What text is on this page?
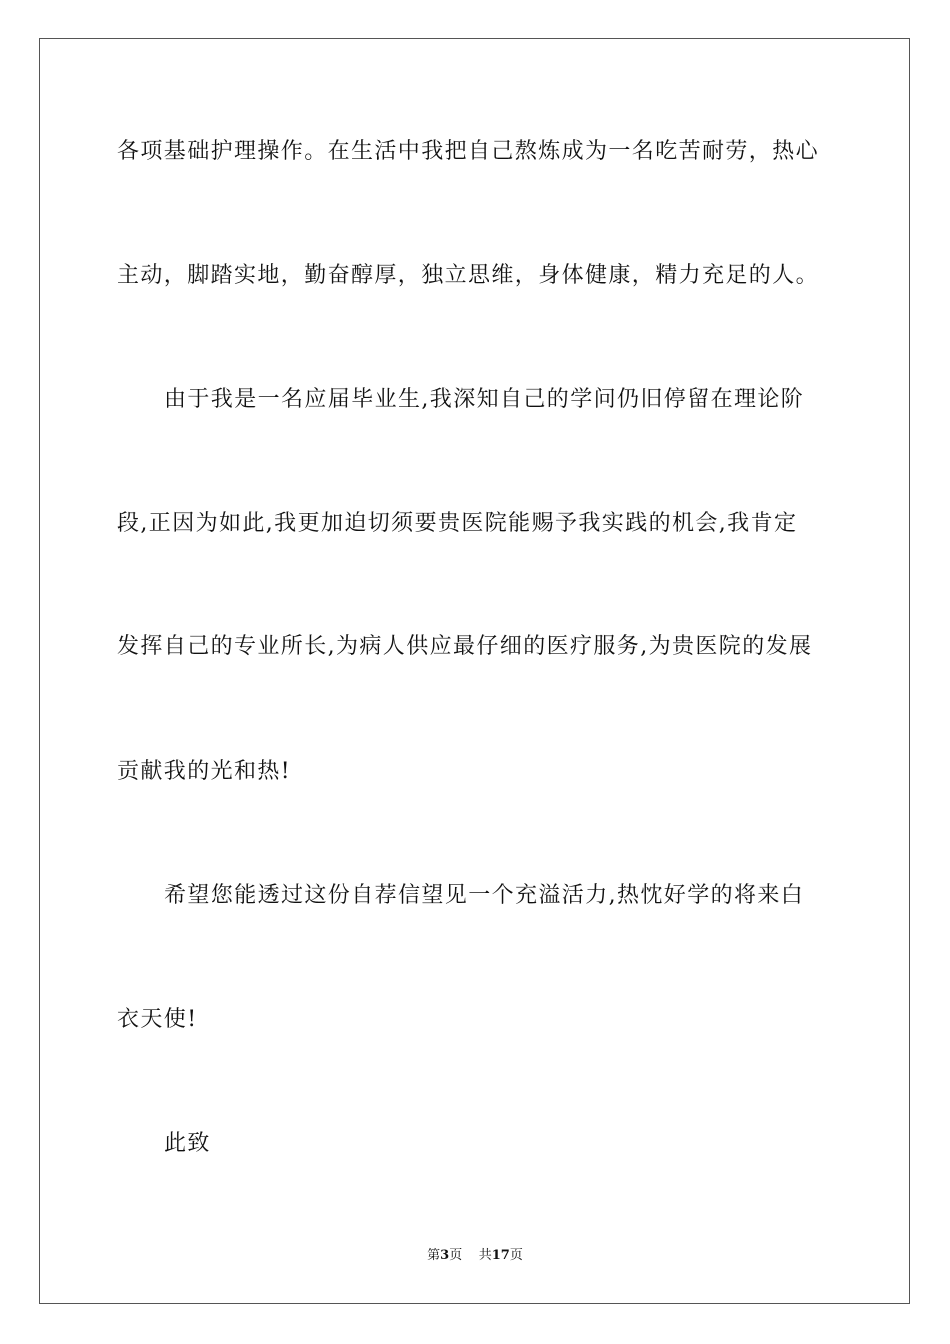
各项基础护理操作。在生活中我把自己熬炼成为一名吃苦耐劳，热心
主动，脚踏实地，勤奋醇厚，独立思维，身体健康，精力充足的人。
由于我是一名应届毕业生,我深知自己的学问仍旧停留在理论阶
段,正因为如此,我更加迫切须要贵医院能赐予我实践的机会,我肯定
发挥自己的专业所长,为病人供应最仔细的医疗服务,为贵医院的发展
贡献我的光和热!
希望您能透过这份自荐信望见一个充溢活力,热忱好学的将来白
衣天使!
此致
第3页 共17页
